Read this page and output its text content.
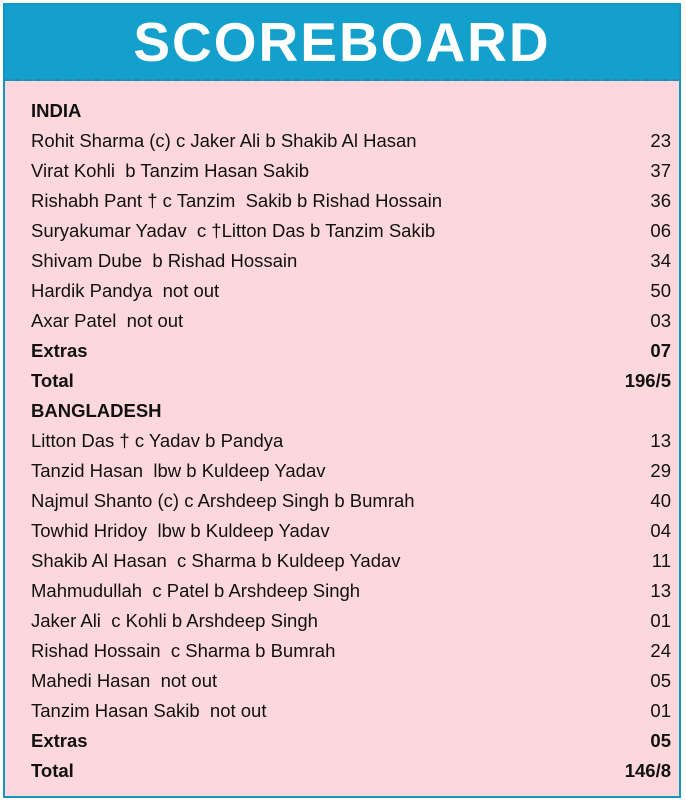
SCOREBOARD
INDIA
Rohit Sharma (c) c Jaker Ali b Shakib Al Hasan	23
Virat Kohli  b Tanzim Hasan Sakib	37
Rishabh Pant † c Tanzim  Sakib b Rishad Hossain	36
Suryakumar Yadav  c †Litton Das b Tanzim Sakib	06
Shivam Dube  b Rishad Hossain	34
Hardik Pandya  not out	50
Axar Patel  not out	03
Extras	07
Total	196/5
BANGLADESH
Litton Das † c Yadav b Pandya	13
Tanzid Hasan  lbw b Kuldeep Yadav	29
Najmul Shanto (c) c Arshdeep Singh b Bumrah	40
Towhid Hridoy  lbw b Kuldeep Yadav	04
Shakib Al Hasan  c Sharma b Kuldeep Yadav	11
Mahmudullah  c Patel b Arshdeep Singh	13
Jaker Ali  c Kohli b Arshdeep Singh	01
Rishad Hossain  c Sharma b Bumrah	24
Mahedi Hasan  not out	05
Tanzim Hasan Sakib  not out	01
Extras	05
Total	146/8
